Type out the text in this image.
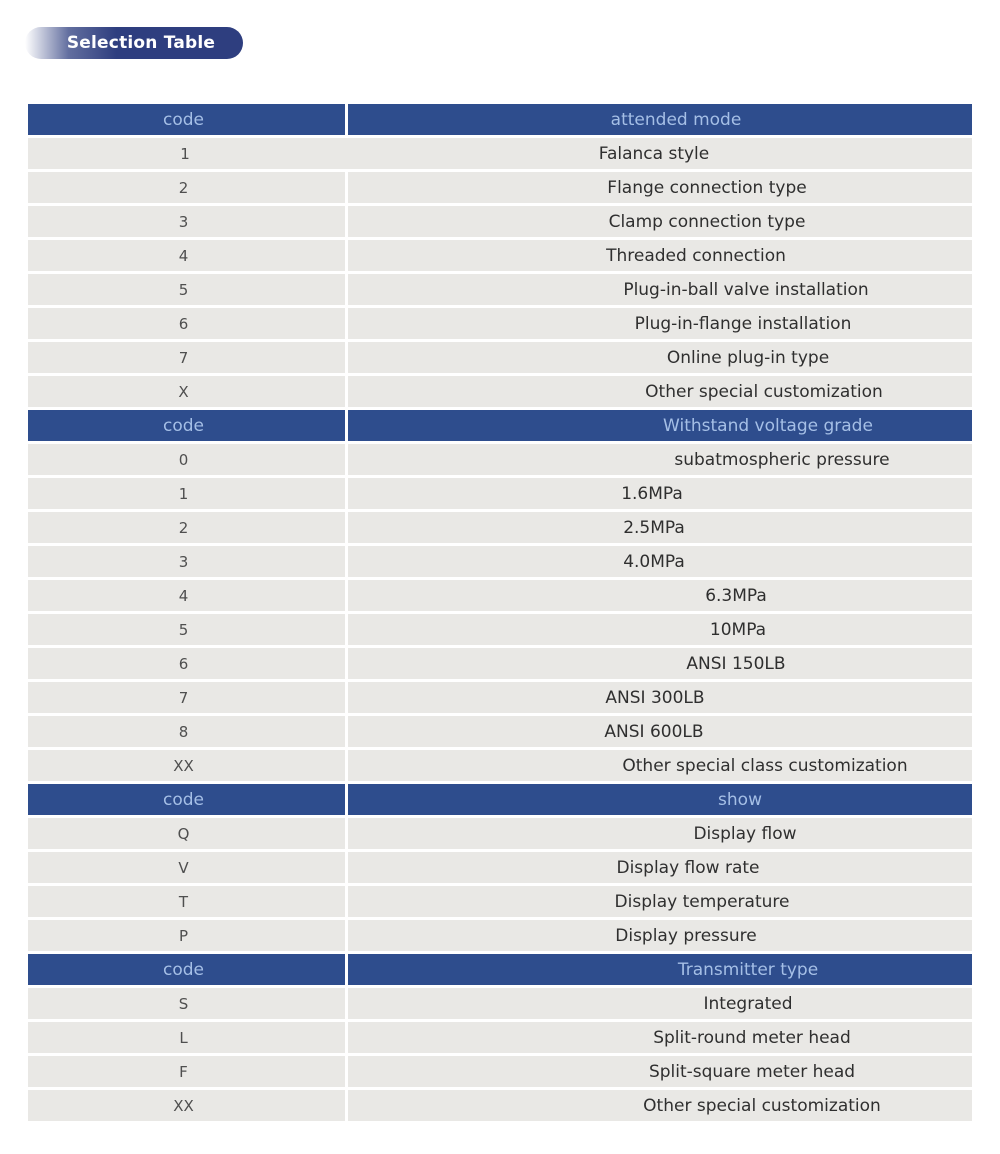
Selection Table
code	attended mode
1	Falanca style
2	Flange connection type
3	Clamp connection type
4	Threaded connection
5	Plug-in-ball valve installation
6	Plug-in-flange installation
7	Online plug-in type
X	Other special customization
code	Withstand voltage grade
0	subatmospheric pressure
1	1.6MPa
2	2.5MPa
3	4.0MPa
4	6.3MPa
5	10MPa
6	ANSI 150LB
7	ANSI 300LB
8	ANSI 600LB
XX	Other special class customization
code	show
Q	Display flow
V	Display flow rate
T	Display temperature
P	Display pressure
code	Transmitter type
S	Integrated
L	Split-round meter head
F	Split-square meter head
XX	Other special customization
